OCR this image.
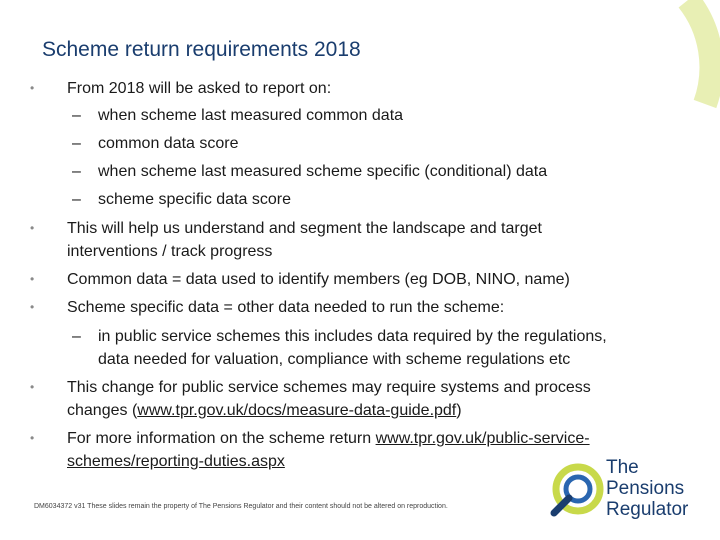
Scheme return requirements 2018
• From 2018 will be asked to report on:
– when scheme last measured common data
– common data score
– when scheme last measured scheme specific (conditional) data
– scheme specific data score
• This will help us understand and segment the landscape and target
interventions / track progress
• Common data = data used to identify members (eg DOB, NINO, name)
• Scheme specific data = other data needed to run the scheme:
– in public service schemes this includes data required by the regulations,
data needed for valuation, compliance with scheme regulations etc
• This change for public service schemes may require systems and process
changes (www.tpr.gov.uk/docs/measure-data-guide.pdf)
• For more information on the scheme return www.tpr.gov.uk/public-service-
schemes/reporting-duties.aspx
DM6034372 v31 These slides remain the property of The Pensions Regulator and their content should not be altered on reproduction.
The
Pensions
Regulator
